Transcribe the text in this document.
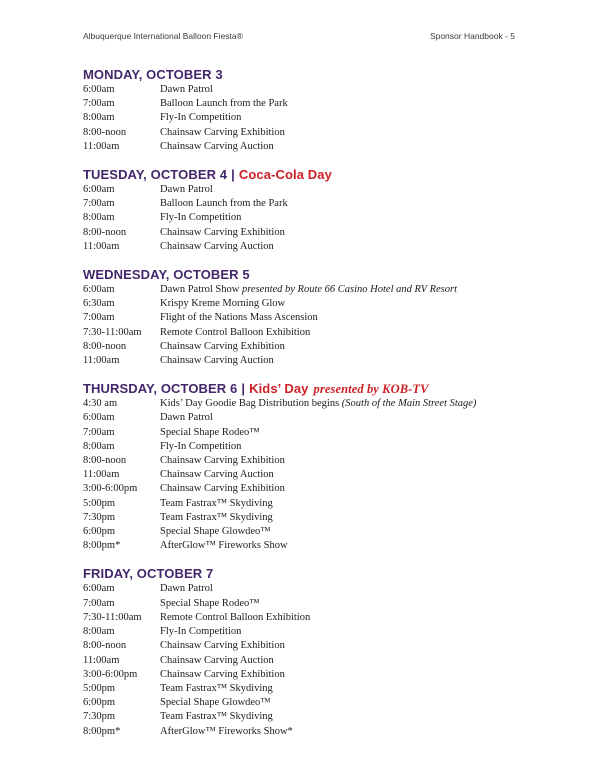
Albuquerque International Balloon Fiesta®	Sponsor Handbook - 5
MONDAY, OCTOBER 3
6:00am	Dawn Patrol
7:00am	Balloon Launch from the Park
8:00am	Fly-In Competition
8:00-noon	Chainsaw Carving Exhibition
11:00am	Chainsaw Carving Auction
TUESDAY, OCTOBER 4 | Coca-Cola Day
6:00am	Dawn Patrol
7:00am	Balloon Launch from the Park
8:00am	Fly-In Competition
8:00-noon	Chainsaw Carving Exhibition
11:00am	Chainsaw Carving Auction
WEDNESDAY, OCTOBER 5
6:00am	Dawn Patrol Show presented by Route 66 Casino Hotel and RV Resort
6:30am	Krispy Kreme Morning Glow
7:00am	Flight of the Nations Mass Ascension
7:30-11:00am	Remote Control Balloon Exhibition
8:00-noon	Chainsaw Carving Exhibition
11:00am	Chainsaw Carving Auction
THURSDAY, OCTOBER 6 | Kids’ Day presented by KOB-TV
4:30 am	Kids’ Day Goodie Bag Distribution begins (South of the Main Street Stage)
6:00am	Dawn Patrol
7:00am	Special Shape Rodeo™
8:00am	Fly-In Competition
8:00-noon	Chainsaw Carving Exhibition
11:00am	Chainsaw Carving Auction
3:00-6:00pm	Chainsaw Carving Exhibition
5:00pm	Team Fastrax™ Skydiving
7:30pm	Team Fastrax™ Skydiving
6:00pm	Special Shape Glowdeo™
8:00pm*	AfterGlow™ Fireworks Show
FRIDAY, OCTOBER 7
6:00am	Dawn Patrol
7:00am	Special Shape Rodeo™
7:30-11:00am	Remote Control Balloon Exhibition
8:00am	Fly-In Competition
8:00-noon	Chainsaw Carving Exhibition
11:00am	Chainsaw Carving Auction
3:00-6:00pm	Chainsaw Carving Exhibition
5:00pm	Team Fastrax™ Skydiving
6:00pm	Special Shape Glowdeo™
7:30pm	Team Fastrax™ Skydiving
8:00pm*	AfterGlow™ Fireworks Show*
